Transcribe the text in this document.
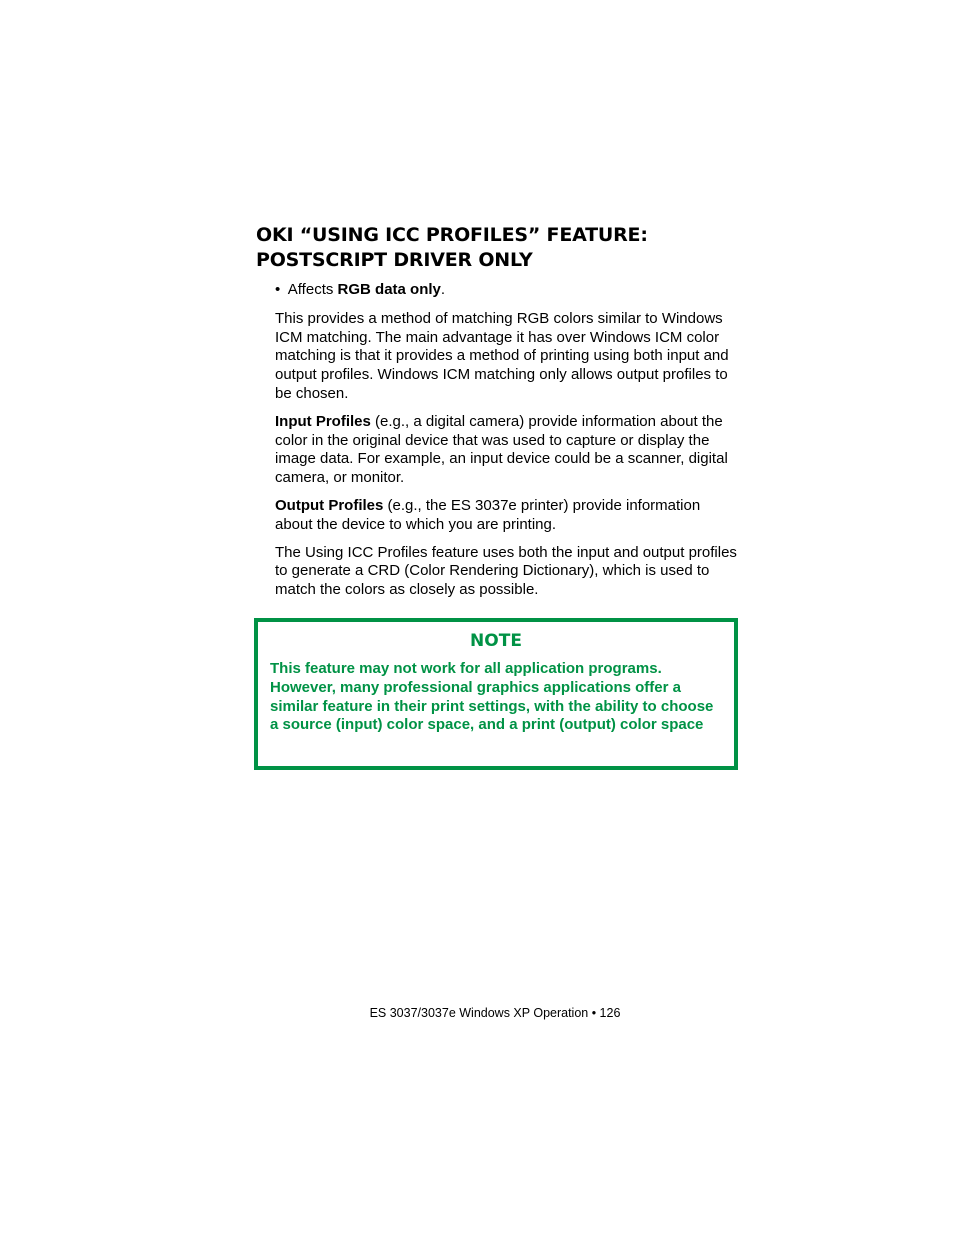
OKI “USING ICC PROFILES” FEATURE:
POSTSCRIPT DRIVER ONLY

• Affects RGB data only.

This provides a method of matching RGB colors similar to Windows ICM matching. The main advantage it has over Windows ICM color matching is that it provides a method of printing using both input and output profiles. Windows ICM matching only allows output profiles to be chosen.

Input Profiles (e.g., a digital camera) provide information about the color in the original device that was used to capture or display the image data. For example, an input device could be a scanner, digital camera, or monitor.

Output Profiles (e.g., the ES 3037e printer) provide information about the device to which you are printing.

The Using ICC Profiles feature uses both the input and output profiles to generate a CRD (Color Rendering Dictionary), which is used to match the colors as closely as possible.

NOTE

This feature may not work for all application programs. However, many professional graphics applications offer a similar feature in their print settings, with the ability to choose a source (input) color space, and a print (output) color space

ES 3037/3037e Windows XP Operation • 126
